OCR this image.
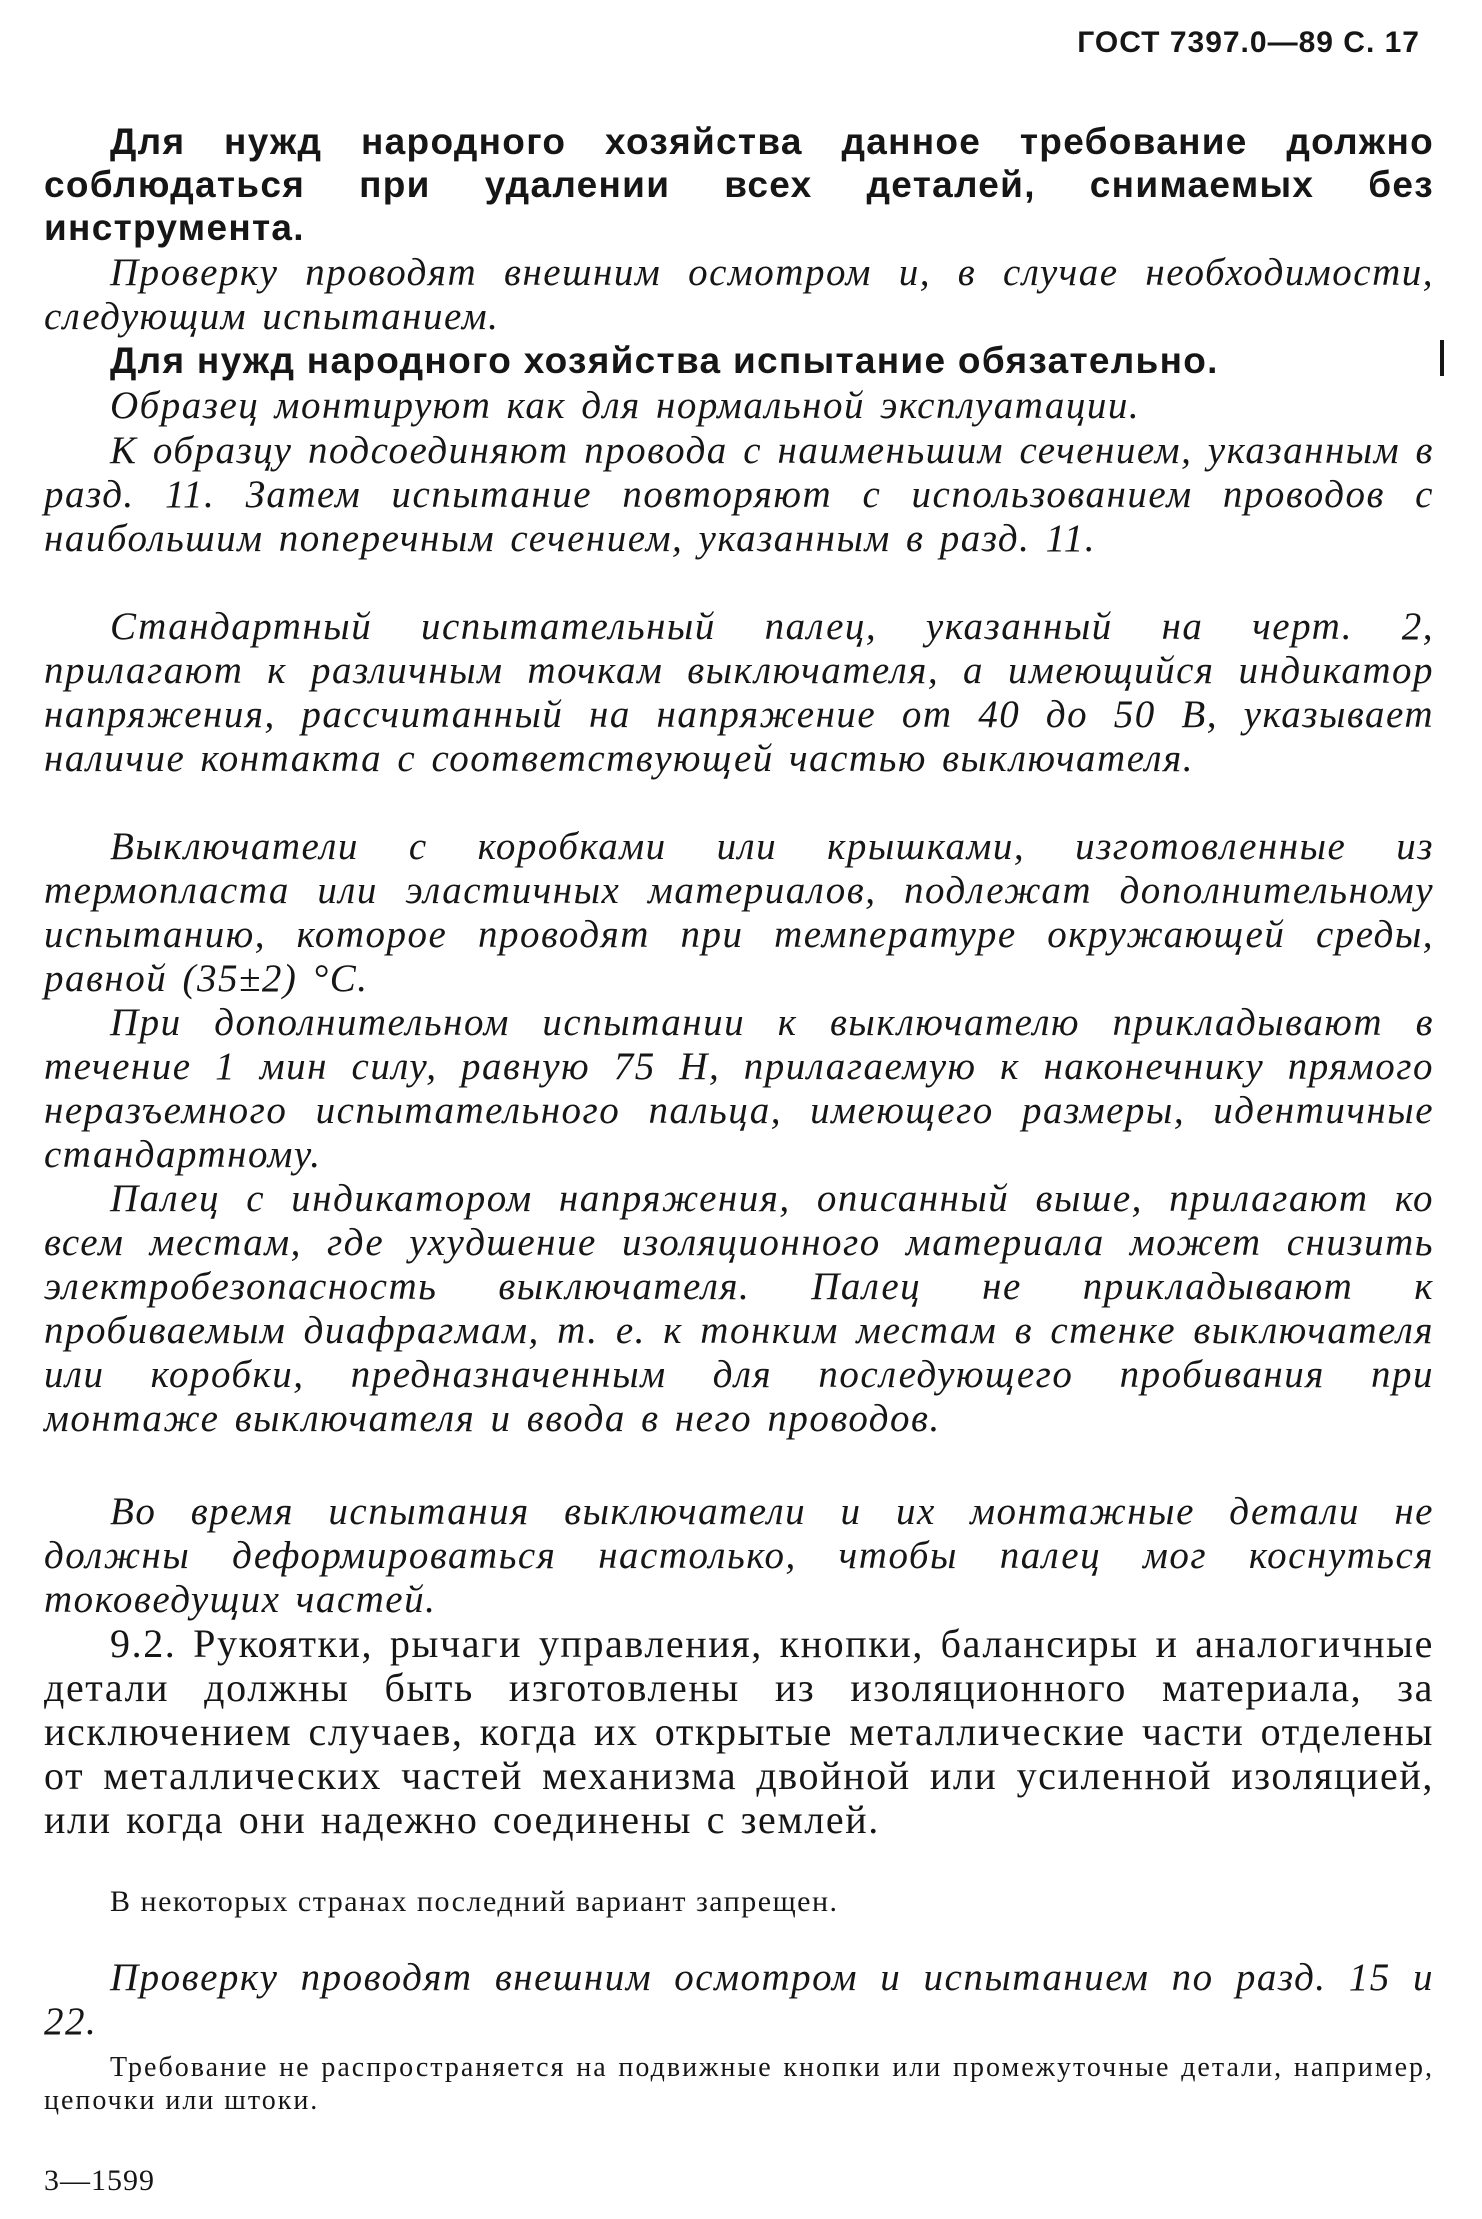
ГОСТ 7397.0—89 С. 17

Для нужд народного хозяйства данное требование должно соблюдаться при удалении всех деталей, снимаемых без инструмента.

Проверку проводят внешним осмотром и, в случае необходимости, следующим испытанием.

Для нужд народного хозяйства испытание обязательно.

Образец монтируют как для нормальной эксплуатации.

К образцу подсоединяют провода с наименьшим сечением, указанным в разд. 11. Затем испытание повторяют с использованием проводов с наибольшим поперечным сечением, указанным в разд. 11.

Стандартный испытательный палец, указанный на черт. 2, прилагают к различным точкам выключателя, а имеющийся индикатор напряжения, рассчитанный на напряжение от 40 до 50 В, указывает наличие контакта с соответствующей частью выключателя.

Выключатели с коробками или крышками, изготовленные из термопласта или эластичных материалов, подлежат дополнительному испытанию, которое проводят при температуре окружающей среды, равной (35±2) °С.

При дополнительном испытании к выключателю прикладывают в течение 1 мин силу, равную 75 Н, прилагаемую к наконечнику прямого неразъемного испытательного пальца, имеющего размеры, идентичные стандартному.

Палец с индикатором напряжения, описанный выше, прилагают ко всем местам, где ухудшение изоляционного материала может снизить электробезопасность выключателя. Палец не прикладывают к пробиваемым диафрагмам, т. е. к тонким местам в стенке выключателя или коробки, предназначенным для последующего пробивания при монтаже выключателя и ввода в него проводов.

Во время испытания выключатели и их монтажные детали не должны деформироваться настолько, чтобы палец мог коснуться токоведущих частей.

9.2. Рукоятки, рычаги управления, кнопки, балансиры и аналогичные детали должны быть изготовлены из изоляционного материала, за исключением случаев, когда их открытые металлические части отделены от металлических частей механизма двойной или усиленной изоляцией, или когда они надежно соединены с землей.

В некоторых странах последний вариант запрещен.

Проверку проводят внешним осмотром и испытанием по разд. 15 и 22.

Требование не распространяется на подвижные кнопки или промежуточные детали, например, цепочки или штоки.

3—1599
